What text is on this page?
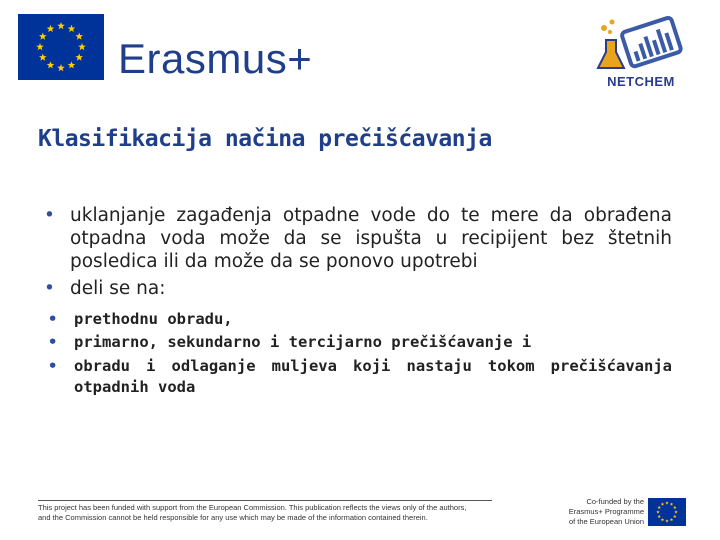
Erasmus+	NETCHEM
Klasifikacija načina prečišćavanja
• uklanjanje zagađenja otpadne vode do te mere da obrađena otpadna voda može da se ispušta u recipijent bez štetnih posledica ili da može da se ponovo upotrebi
• deli se na:
• prethodnu obradu,
• primarno, sekundarno i tercijarno prečišćavanje i
• obradu i odlaganje muljeva koji nastaju tokom prečišćavanja otpadnih voda

This project has been funded with support from the European Commission. This publication reflects the views only of the authors,
and the Commission cannot be held responsible for any use which may be made of the information contained therein.

Co-funded by the
Erasmus+ Programme
of the European Union
